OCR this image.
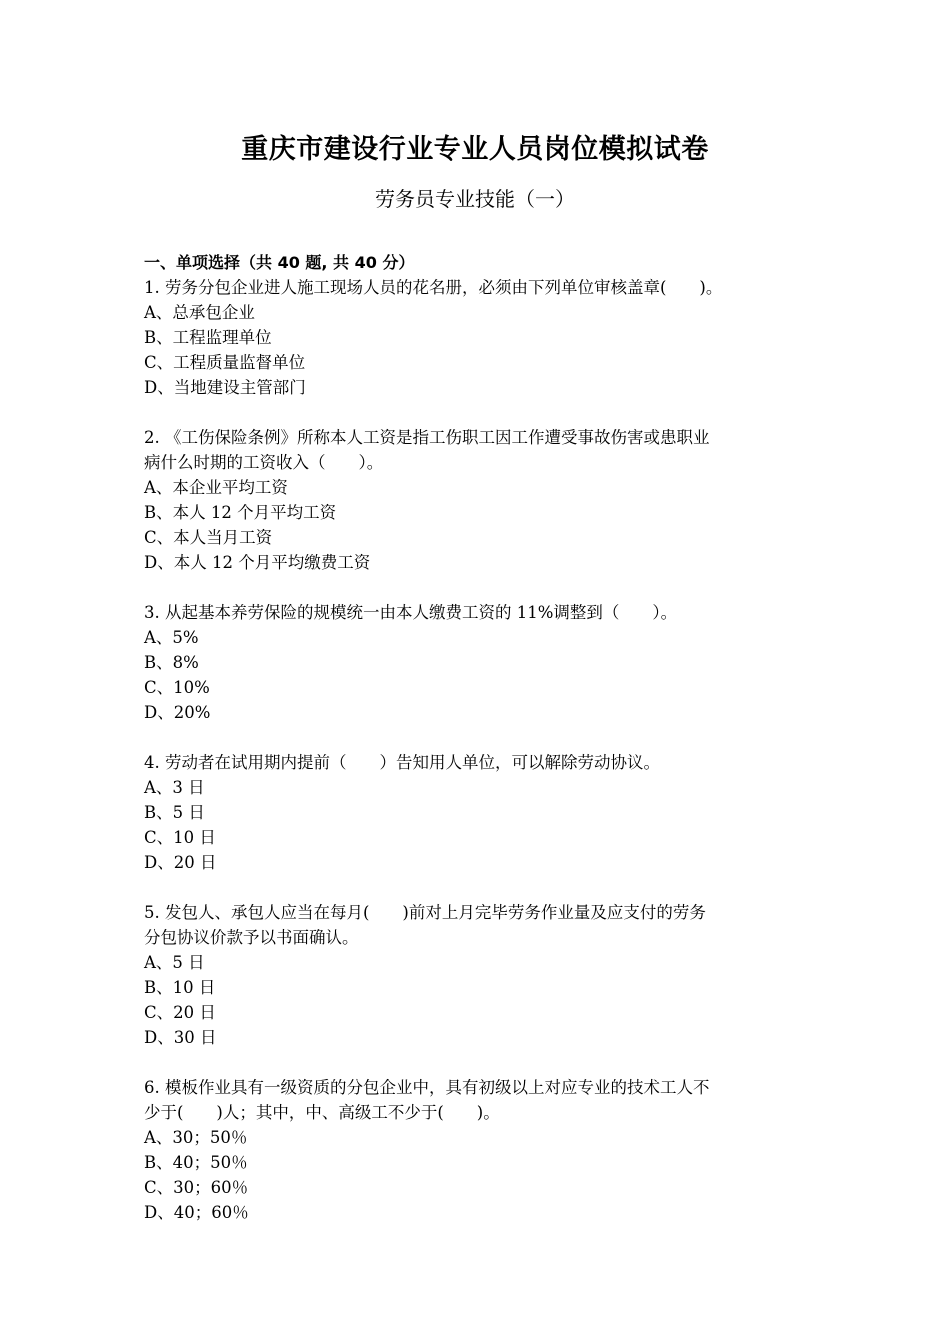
重庆市建设行业专业人员岗位模拟试卷
劳务员专业技能（一）
一、单项选择（共 40 题, 共 40 分）
1. 劳务分包企业进人施工现场人员的花名册，必须由下列单位审核盖章(　　)。
A、总承包企业
B、工程监理单位
C、工程质量监督单位
D、当地建设主管部门
2. 《工伤保险条例》所称本人工资是指工伤职工因工作遭受事故伤害或患职业
病什么时期的工资收入（　　）。
A、本企业平均工资
B、本人 12 个月平均工资
C、本人当月工资
D、本人 12 个月平均缴费工资
3. 从起基本养劳保险的规模统一由本人缴费工资的 11%调整到（　　）。
A、5%
B、8%
C、10%
D、20%
4. 劳动者在试用期内提前（　　）告知用人单位，可以解除劳动协议。
A、3 日
B、5 日
C、10 日
D、20 日
5. 发包人、承包人应当在每月(　　)前对上月完毕劳务作业量及应支付的劳务
分包协议价款予以书面确认。
A、5 日
B、10 日
C、20 日
D、30 日
6. 模板作业具有一级资质的分包企业中，具有初级以上对应专业的技术工人不
少于(　　)人；其中，中、高级工不少于(　　)。
A、30；50％
B、40；50％
C、30；60％
D、40；60％
